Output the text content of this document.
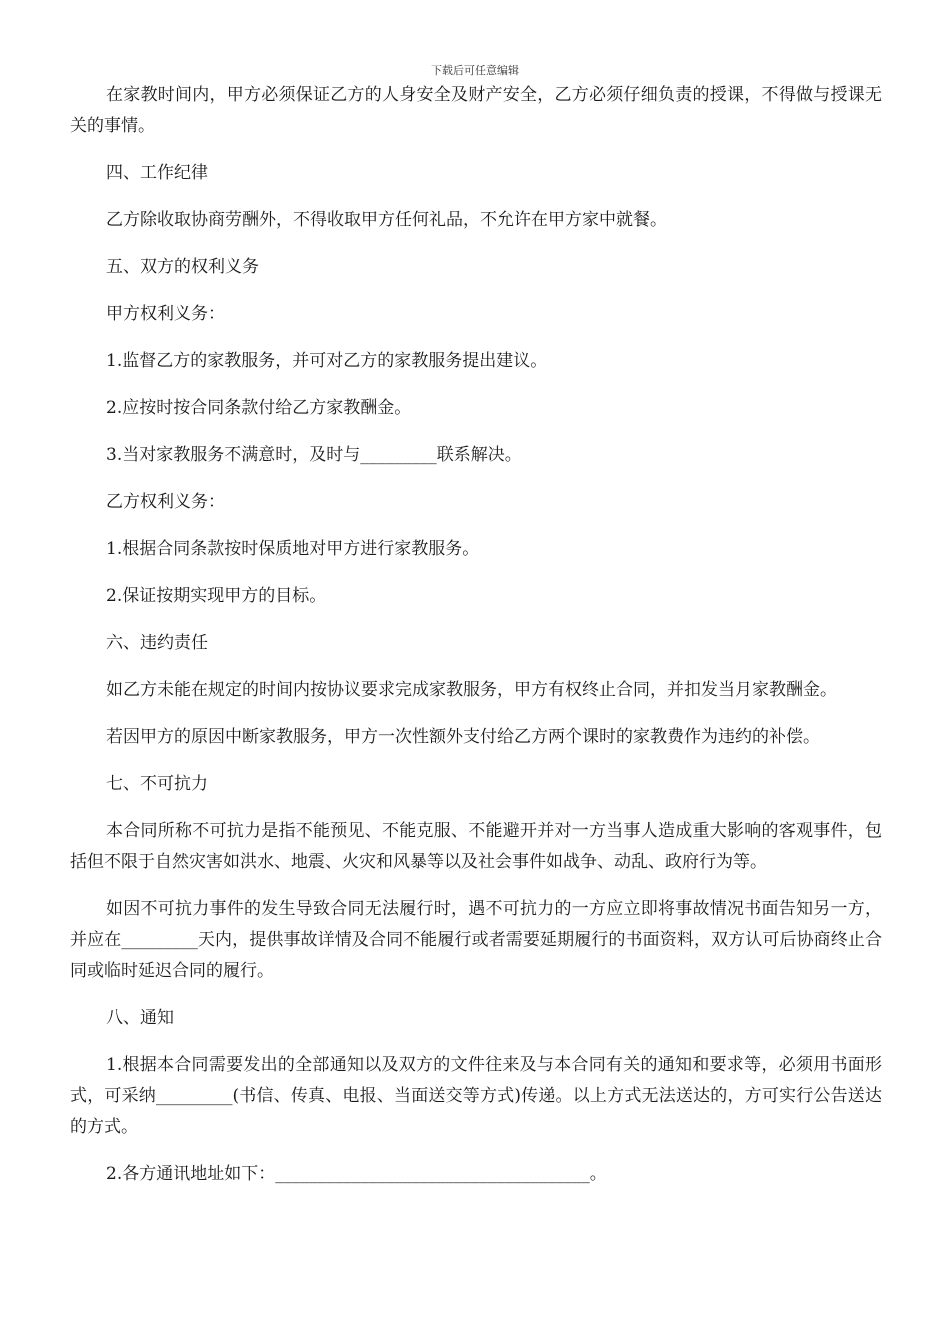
下载后可任意编辑

在家教时间内，甲方必须保证乙方的人身安全及财产安全，乙方必须仔细负责的授课，不得做与授课无关的事情。

四、工作纪律

乙方除收取协商劳酬外，不得收取甲方任何礼品，不允许在甲方家中就餐。

五、双方的权利义务

甲方权利义务：

1.监督乙方的家教服务，并可对乙方的家教服务提出建议。

2.应按时按合同条款付给乙方家教酬金。

3.当对家教服务不满意时，及时与_________联系解决。

乙方权利义务：

1.根据合同条款按时保质地对甲方进行家教服务。

2.保证按期实现甲方的目标。

六、违约责任

如乙方未能在规定的时间内按协议要求完成家教服务，甲方有权终止合同，并扣发当月家教酬金。

若因甲方的原因中断家教服务，甲方一次性额外支付给乙方两个课时的家教费作为违约的补偿。

七、不可抗力

本合同所称不可抗力是指不能预见、不能克服、不能避开并对一方当事人造成重大影响的客观事件，包括但不限于自然灾害如洪水、地震、火灾和风暴等以及社会事件如战争、动乱、政府行为等。

如因不可抗力事件的发生导致合同无法履行时，遇不可抗力的一方应立即将事故情况书面告知另一方，并应在_________天内，提供事故详情及合同不能履行或者需要延期履行的书面资料，双方认可后协商终止合同或临时延迟合同的履行。

八、通知

1.根据本合同需要发出的全部通知以及双方的文件往来及与本合同有关的通知和要求等，必须用书面形式，可采纳_________(书信、传真、电报、当面送交等方式)传递。以上方式无法送达的，方可实行公告送达的方式。

2.各方通讯地址如下：_____________________________________。
